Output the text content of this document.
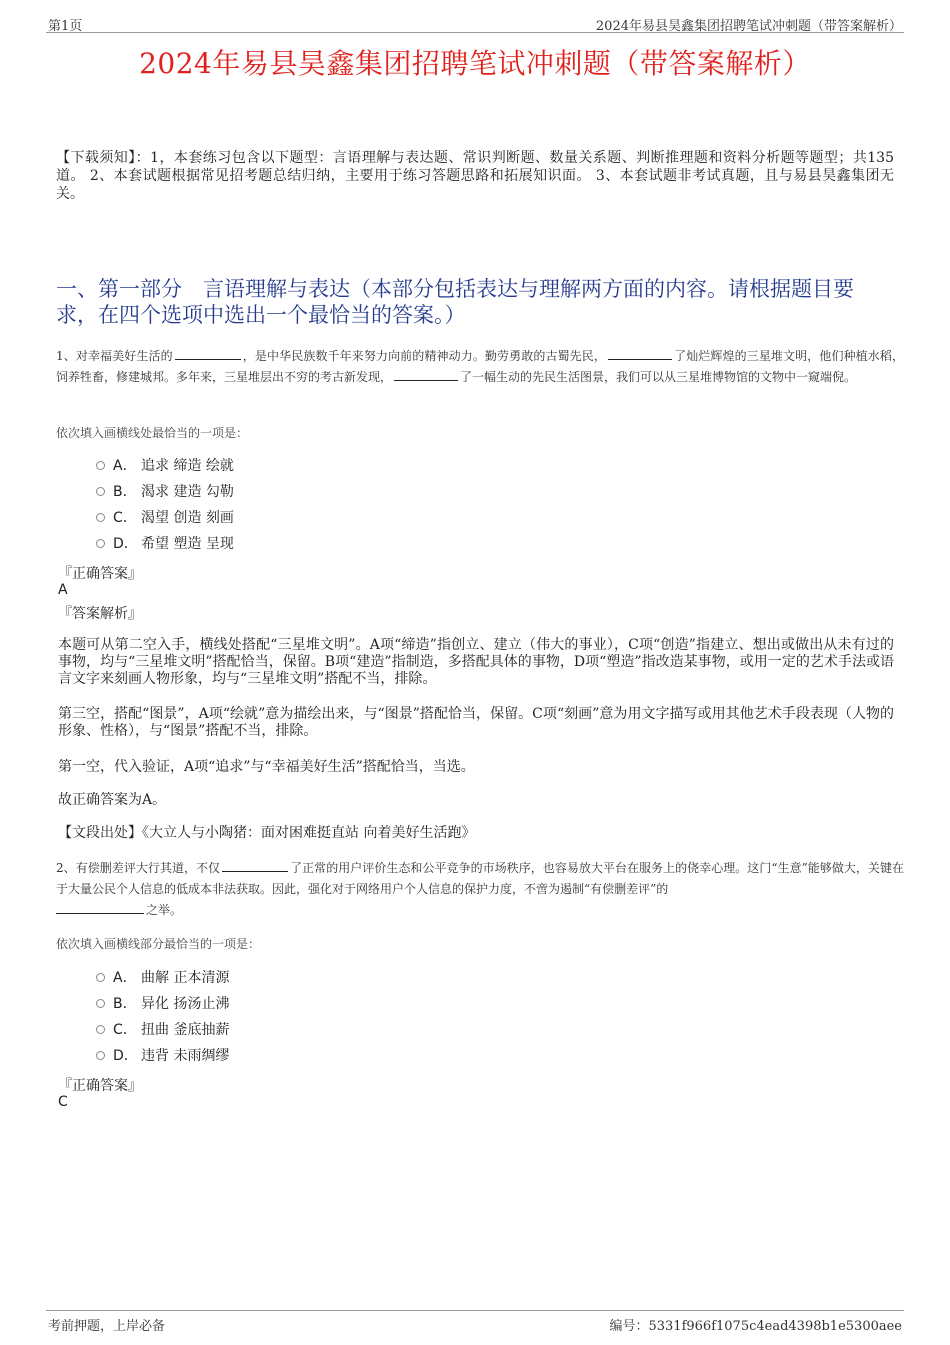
第1页	2024年易县昊鑫集团招聘笔试冲刺题（带答案解析）
2024年易县昊鑫集团招聘笔试冲刺题（带答案解析）
【下载须知】：1，本套练习包含以下题型：言语理解与表达题、常识判断题、数量关系题、判断推理题和资料分析题等题型；共135道。 2、本套试题根据常见招考题总结归纳，主要用于练习答题思路和拓展知识面。 3、本套试题非考试真题，且与易县昊鑫集团无关。
一、第一部分　言语理解与表达（本部分包括表达与理解两方面的内容。请根据题目要求，在四个选项中选出一个最恰当的答案。）
1、对幸福美好生活的	，是中华民族数千年来努力向前的精神动力。勤劳勇敢的古蜀先民，	了灿烂辉煌的三星堆文明，他们种植水稻，饲养牲畜，修建城邦。多年来，三星堆层出不穷的考古新发现，	了一幅生动的先民生活图景，我们可以从三星堆博物馆的文物中一窥端倪。
依次填入画横线处最恰当的一项是：
A． 追求 缔造 绘就
B． 渴求 建造 勾勒
C． 渴望 创造 刻画
D． 希望 塑造 呈现
『正确答案』
A
『答案解析』
本题可从第二空入手，横线处搭配“三星堆文明”。A项“缔造”指创立、建立（伟大的事业），C项“创造”指建立、想出或做出从未有过的事物，均与“三星堆文明”搭配恰当，保留。B项“建造”指制造，多搭配具体的事物，D项“塑造”指改造某事物，或用一定的艺术手法或语言文字来刻画人物形象，均与“三星堆文明”搭配不当，排除。
第三空，搭配“图景”，A项“绘就”意为描绘出来，与“图景”搭配恰当，保留。C项“刻画”意为用文字描写或用其他艺术手段表现（人物的形象、性格），与“图景”搭配不当，排除。
第一空，代入验证，A项“追求”与“幸福美好生活”搭配恰当，当选。
故正确答案为A。
【文段出处】《大立人与小陶猪：面对困难挺直站 向着美好生活跑》
2、有偿删差评大行其道，不仅	了正常的用户评价生态和公平竞争的市场秩序，也容易放大平台在服务上的侥幸心理。这门“生意”能够做大，关键在于大量公民个人信息的低成本非法获取。因此，强化对于网络用户个人信息的保护力度，不啻为遏制“有偿删差评”的
之举。
依次填入画横线部分最恰当的一项是：
A． 曲解 正本清源
B． 异化 扬汤止沸
C． 扭曲 釜底抽薪
D． 违背 未雨绸缪
『正确答案』
C
考前押题，上岸必备	编号：5331f966f1075c4ead4398b1e5300aee
